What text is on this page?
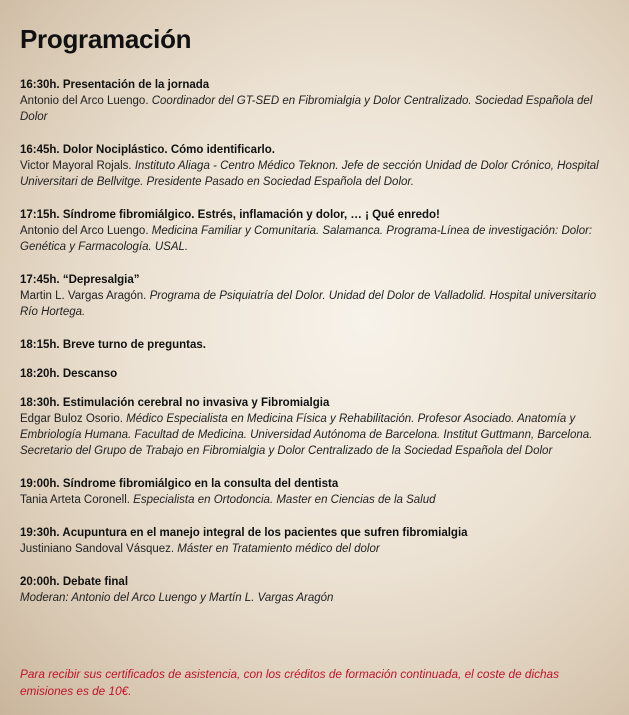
Programación
16:30h. Presentación de la jornada
Antonio del Arco Luengo. Coordinador del GT-SED en Fibromialgia y Dolor Centralizado. Sociedad Española del Dolor
16:45h. Dolor Nociplástico. Cómo identificarlo.
Victor Mayoral Rojals. Instituto Aliaga - Centro Médico Teknon. Jefe de sección Unidad de Dolor Crónico, Hospital Universitari de Bellvitge. Presidente Pasado en Sociedad Española del Dolor.
17:15h. Síndrome fibromiálgico. Estrés, inflamación y dolor, … ¡ Qué enredo!
Antonio del Arco Luengo. Medicina Familiar y Comunitaria. Salamanca. Programa-Línea de investigación: Dolor: Genética y Farmacología. USAL.
17:45h. “Depresalgia”
Martin L. Vargas Aragón. Programa de Psiquiatría del Dolor. Unidad del Dolor de Valladolid. Hospital universitario Río Hortega.
18:15h. Breve turno de preguntas.
18:20h. Descanso
18:30h. Estimulación cerebral no invasiva y Fibromialgia
Edgar Buloz Osorio. Médico Especialista en Medicina Física y Rehabilitación. Profesor Asociado. Anatomía y Embriología Humana. Facultad de Medicina. Universidad Autónoma de Barcelona. Institut Guttmann, Barcelona. Secretario del Grupo de Trabajo en Fibromialgia y Dolor Centralizado de la Sociedad Española del Dolor
19:00h. Síndrome fibromiálgico en la consulta del dentista
Tania Arteta Coronell. Especialista en Ortodoncia. Master en Ciencias de la Salud
19:30h. Acupuntura en el manejo integral de los pacientes que sufren fibromialgia
Justiniano Sandoval Vásquez. Máster en Tratamiento médico del dolor
20:00h. Debate final
Moderan: Antonio del Arco Luengo y Martín L. Vargas Aragón
Para recibir sus certificados de asistencia, con los créditos de formación continuada, el coste de dichas emisiones es de 10€.
